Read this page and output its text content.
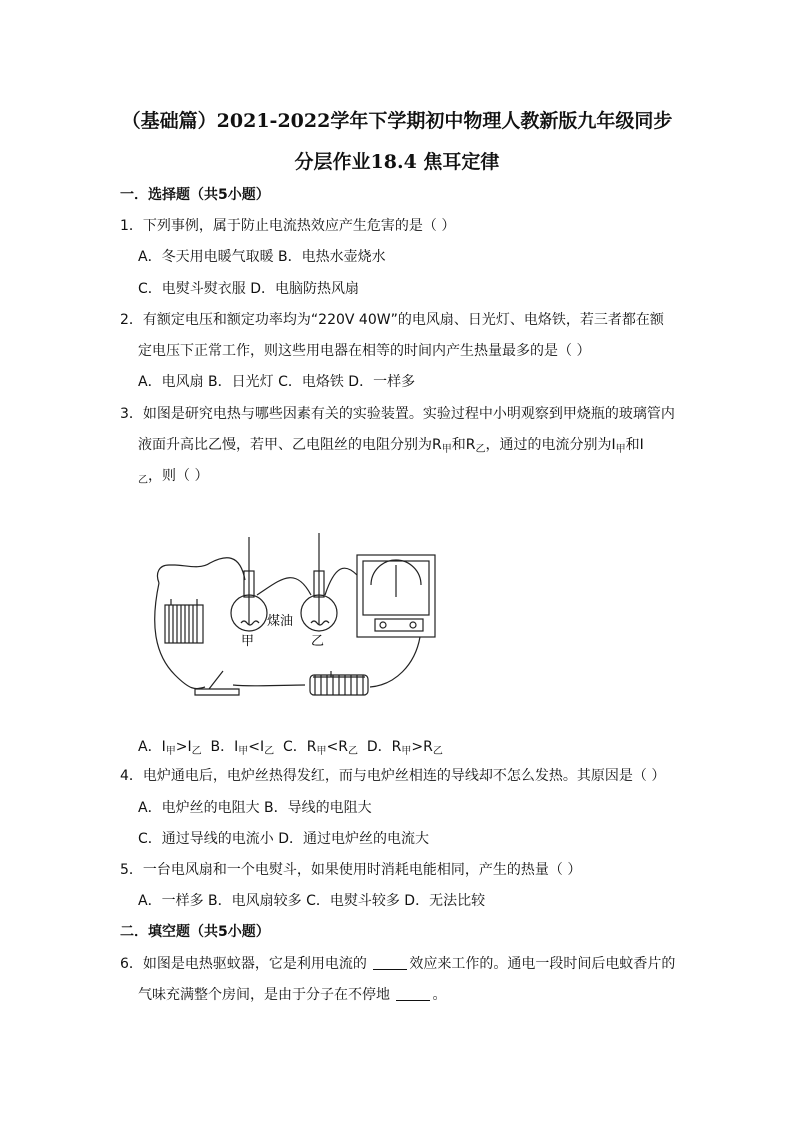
（基础篇）2021-2022学年下学期初中物理人教新版九年级同步
分层作业18.4 焦耳定律
一．选择题（共5小题）
1．下列事例，属于防止电流热效应产生危害的是（ ）
A．冬天用电暖气取暖 B．电热水壶烧水
C．电熨斗熨衣服 D．电脑防热风扇
2．有额定电压和额定功率均为“220V 40W”的电风扇、日光灯、电烙铁，若三者都在额
定电压下正常工作，则这些用电器在相等的时间内产生热量最多的是（ ）
A．电风扇 B．日光灯 C．电烙铁 D．一样多
3．如图是研究电热与哪些因素有关的实验装置。实验过程中小明观察到甲烧瓶的玻璃管内
液面升高比乙慢，若甲、乙电阻丝的电阻分别为$R_甲$和$R_乙$，通过的电流分别为$I_甲$和I
$_乙$，则（ ）
甲
煤油
乙
A．$I_甲>I_乙$  B．$I_甲<I_乙$  C．$R_甲<R_乙$  D．$R_甲>R_乙$
4．电炉通电后，电炉丝热得发红，而与电炉丝相连的导线却不怎么发热。其原因是（ ）
A．电炉丝的电阻大 B．导线的电阻大
C．通过导线的电流小 D．通过电炉丝的电流大
5．一台电风扇和一个电熨斗，如果使用时消耗电能相同，产生的热量（ ）
A．一样多 B．电风扇较多 C．电熨斗较多 D．无法比较
二．填空题（共5小题）
6．如图是电热驱蚊器，它是利用电流的	效应来工作的。通电一段时间后电蚊香片的
气味充满整个房间，是由于分子在不停地	。
